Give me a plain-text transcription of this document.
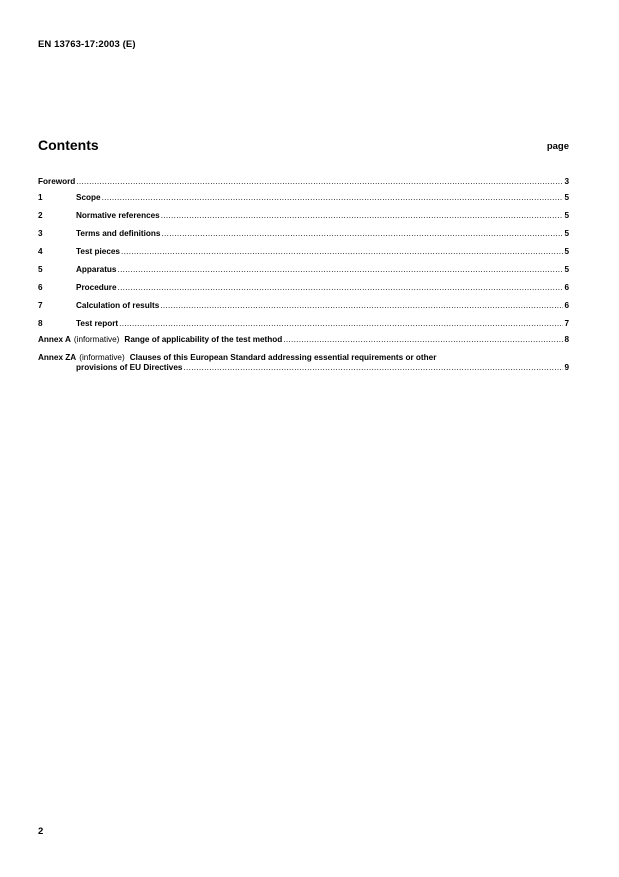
EN 13763-17:2003 (E)
Contents	page
Foreword .....	3
1	Scope .....	5
2	Normative references .....	5
3	Terms and definitions .....	5
4	Test pieces .....	5
5	Apparatus .....	5
6	Procedure .....	6
7	Calculation of results .....	6
8	Test report .....	7
Annex A (informative) Range of applicability of the test method .....	8
Annex ZA (informative) Clauses of this European Standard addressing essential requirements or other
provisions of EU Directives .....	9
2
